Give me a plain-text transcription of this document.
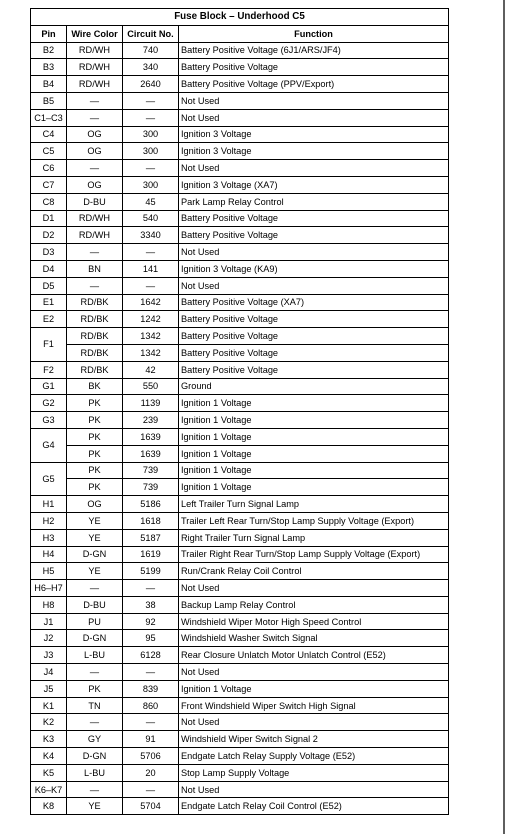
Fuse Block – Underhood C5			
Pin	Wire Color	Circuit No.	Function
B2	RD/WH	740	Battery Positive Voltage (6J1/ARS/JF4)
B3	RD/WH	340	Battery Positive Voltage
B4	RD/WH	2640	Battery Positive Voltage (PPV/Export)
B5	—	—	Not Used
C1–C3	—	—	Not Used
C4	OG	300	Ignition 3 Voltage
C5	OG	300	Ignition 3 Voltage
C6	—	—	Not Used
C7	OG	300	Ignition 3 Voltage (XA7)
C8	D-BU	45	Park Lamp Relay Control
D1	RD/WH	540	Battery Positive Voltage
D2	RD/WH	3340	Battery Positive Voltage
D3	—	—	Not Used
D4	BN	141	Ignition 3 Voltage (KA9)
D5	—	—	Not Used
E1	RD/BK	1642	Battery Positive Voltage (XA7)
E2	RD/BK	1242	Battery Positive Voltage
F1	RD/BK	1342	Battery Positive Voltage
	RD/BK	1342	Battery Positive Voltage
F2	RD/BK	42	Battery Positive Voltage
G1	BK	550	Ground
G2	PK	1139	Ignition 1 Voltage
G3	PK	239	Ignition 1 Voltage
G4	PK	1639	Ignition 1 Voltage
	PK	1639	Ignition 1 Voltage
G5	PK	739	Ignition 1 Voltage
	PK	739	Ignition 1 Voltage
H1	OG	5186	Left Trailer Turn Signal Lamp
H2	YE	1618	Trailer Left Rear Turn/Stop Lamp Supply Voltage (Export)
H3	YE	5187	Right Trailer Turn Signal Lamp
H4	D-GN	1619	Trailer Right Rear Turn/Stop Lamp Supply Voltage (Export)
H5	YE	5199	Run/Crank Relay Coil Control
H6–H7	—	—	Not Used
H8	D-BU	38	Backup Lamp Relay Control
J1	PU	92	Windshield Wiper Motor High Speed Control
J2	D-GN	95	Windshield Washer Switch Signal
J3	L-BU	6128	Rear Closure Unlatch Motor Unlatch Control (E52)
J4	—	—	Not Used
J5	PK	839	Ignition 1 Voltage
K1	TN	860	Front Windshield Wiper Switch High Signal
K2	—	—	Not Used
K3	GY	91	Windshield Wiper Switch Signal 2
K4	D-GN	5706	Endgate Latch Relay Supply Voltage (E52)
K5	L-BU	20	Stop Lamp Supply Voltage
K6–K7	—	—	Not Used
K8	YE	5704	Endgate Latch Relay Coil Control (E52)
